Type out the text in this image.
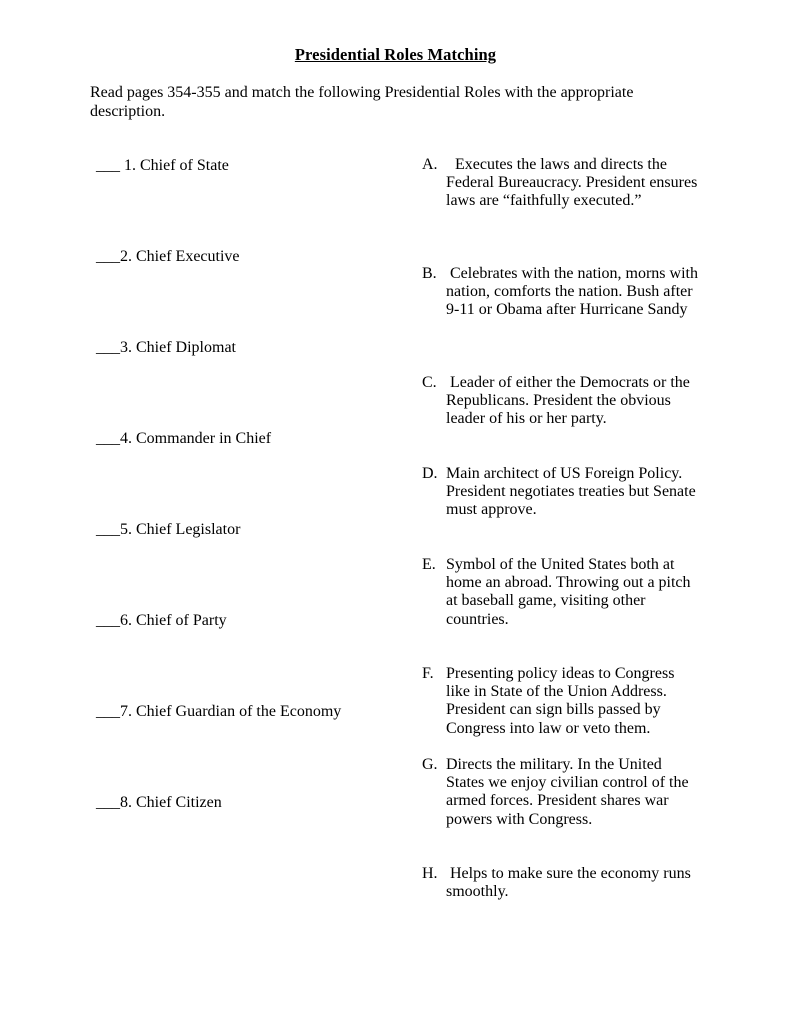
Presidential Roles Matching
Read pages 354-355 and match the following Presidential Roles with the appropriate description.
___ 1. Chief of State
___2. Chief Executive
___3. Chief Diplomat
___4. Commander in Chief
___5. Chief Legislator
___6. Chief of Party
___7. Chief Guardian of the Economy
___8. Chief Citizen
A.	Executes the laws and directs the Federal Bureaucracy. President ensures laws are “faithfully executed.”
B. Celebrates with the nation, morns with nation, comforts the nation. Bush after 9-11 or Obama after Hurricane Sandy
C. Leader of either the Democrats or the Republicans. President the obvious leader of his or her party.
D. Main architect of US Foreign Policy. President negotiates treaties but Senate must approve.
E. Symbol of the United States both at home an abroad. Throwing out a pitch at baseball game, visiting other countries.
F. Presenting policy ideas to Congress like in State of the Union Address. President can sign bills passed by Congress into law or veto them.
G. Directs the military. In the United States we enjoy civilian control of the armed forces. President shares war powers with Congress.
H. Helps to make sure the economy runs smoothly.
